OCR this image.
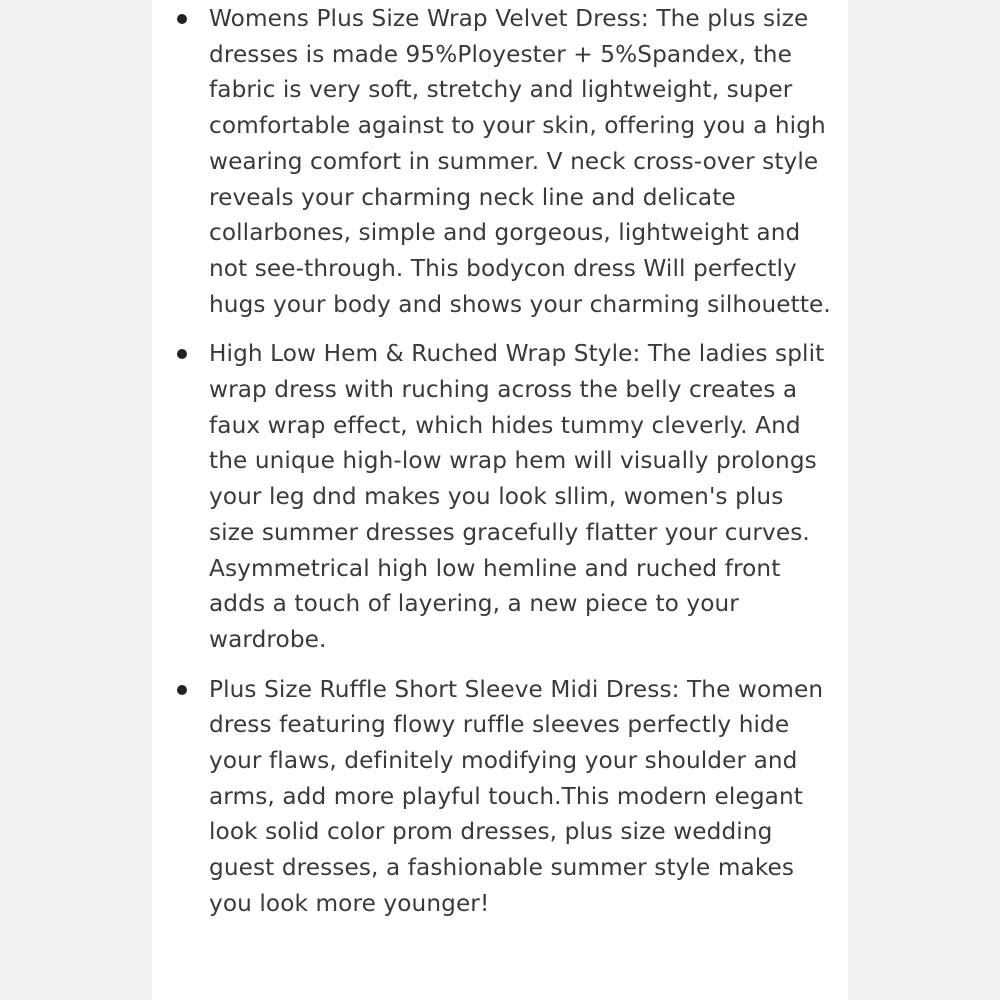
Womens Plus Size Wrap Velvet Dress: The plus size dresses is made 95%Ployester + 5%Spandex, the fabric is very soft, stretchy and lightweight, super comfortable against to your skin, offering you a high wearing comfort in summer. V neck cross-over style reveals your charming neck line and delicate collarbones, simple and gorgeous, lightweight and not see-through. This bodycon dress Will perfectly hugs your body and shows your charming silhouette.
High Low Hem & Ruched Wrap Style: The ladies split wrap dress with ruching across the belly creates a faux wrap effect, which hides tummy cleverly. And the unique high-low wrap hem will visually prolongs your leg dnd makes you look sllim, women's plus size summer dresses gracefully flatter your curves. Asymmetrical high low hemline and ruched front adds a touch of layering, a new piece to your wardrobe.
Plus Size Ruffle Short Sleeve Midi Dress: The women dress featuring flowy ruffle sleeves perfectly hide your flaws, definitely modifying your shoulder and arms, add more playful touch.This modern elegant look solid color prom dresses, plus size wedding guest dresses, a fashionable summer style makes you look more younger!
